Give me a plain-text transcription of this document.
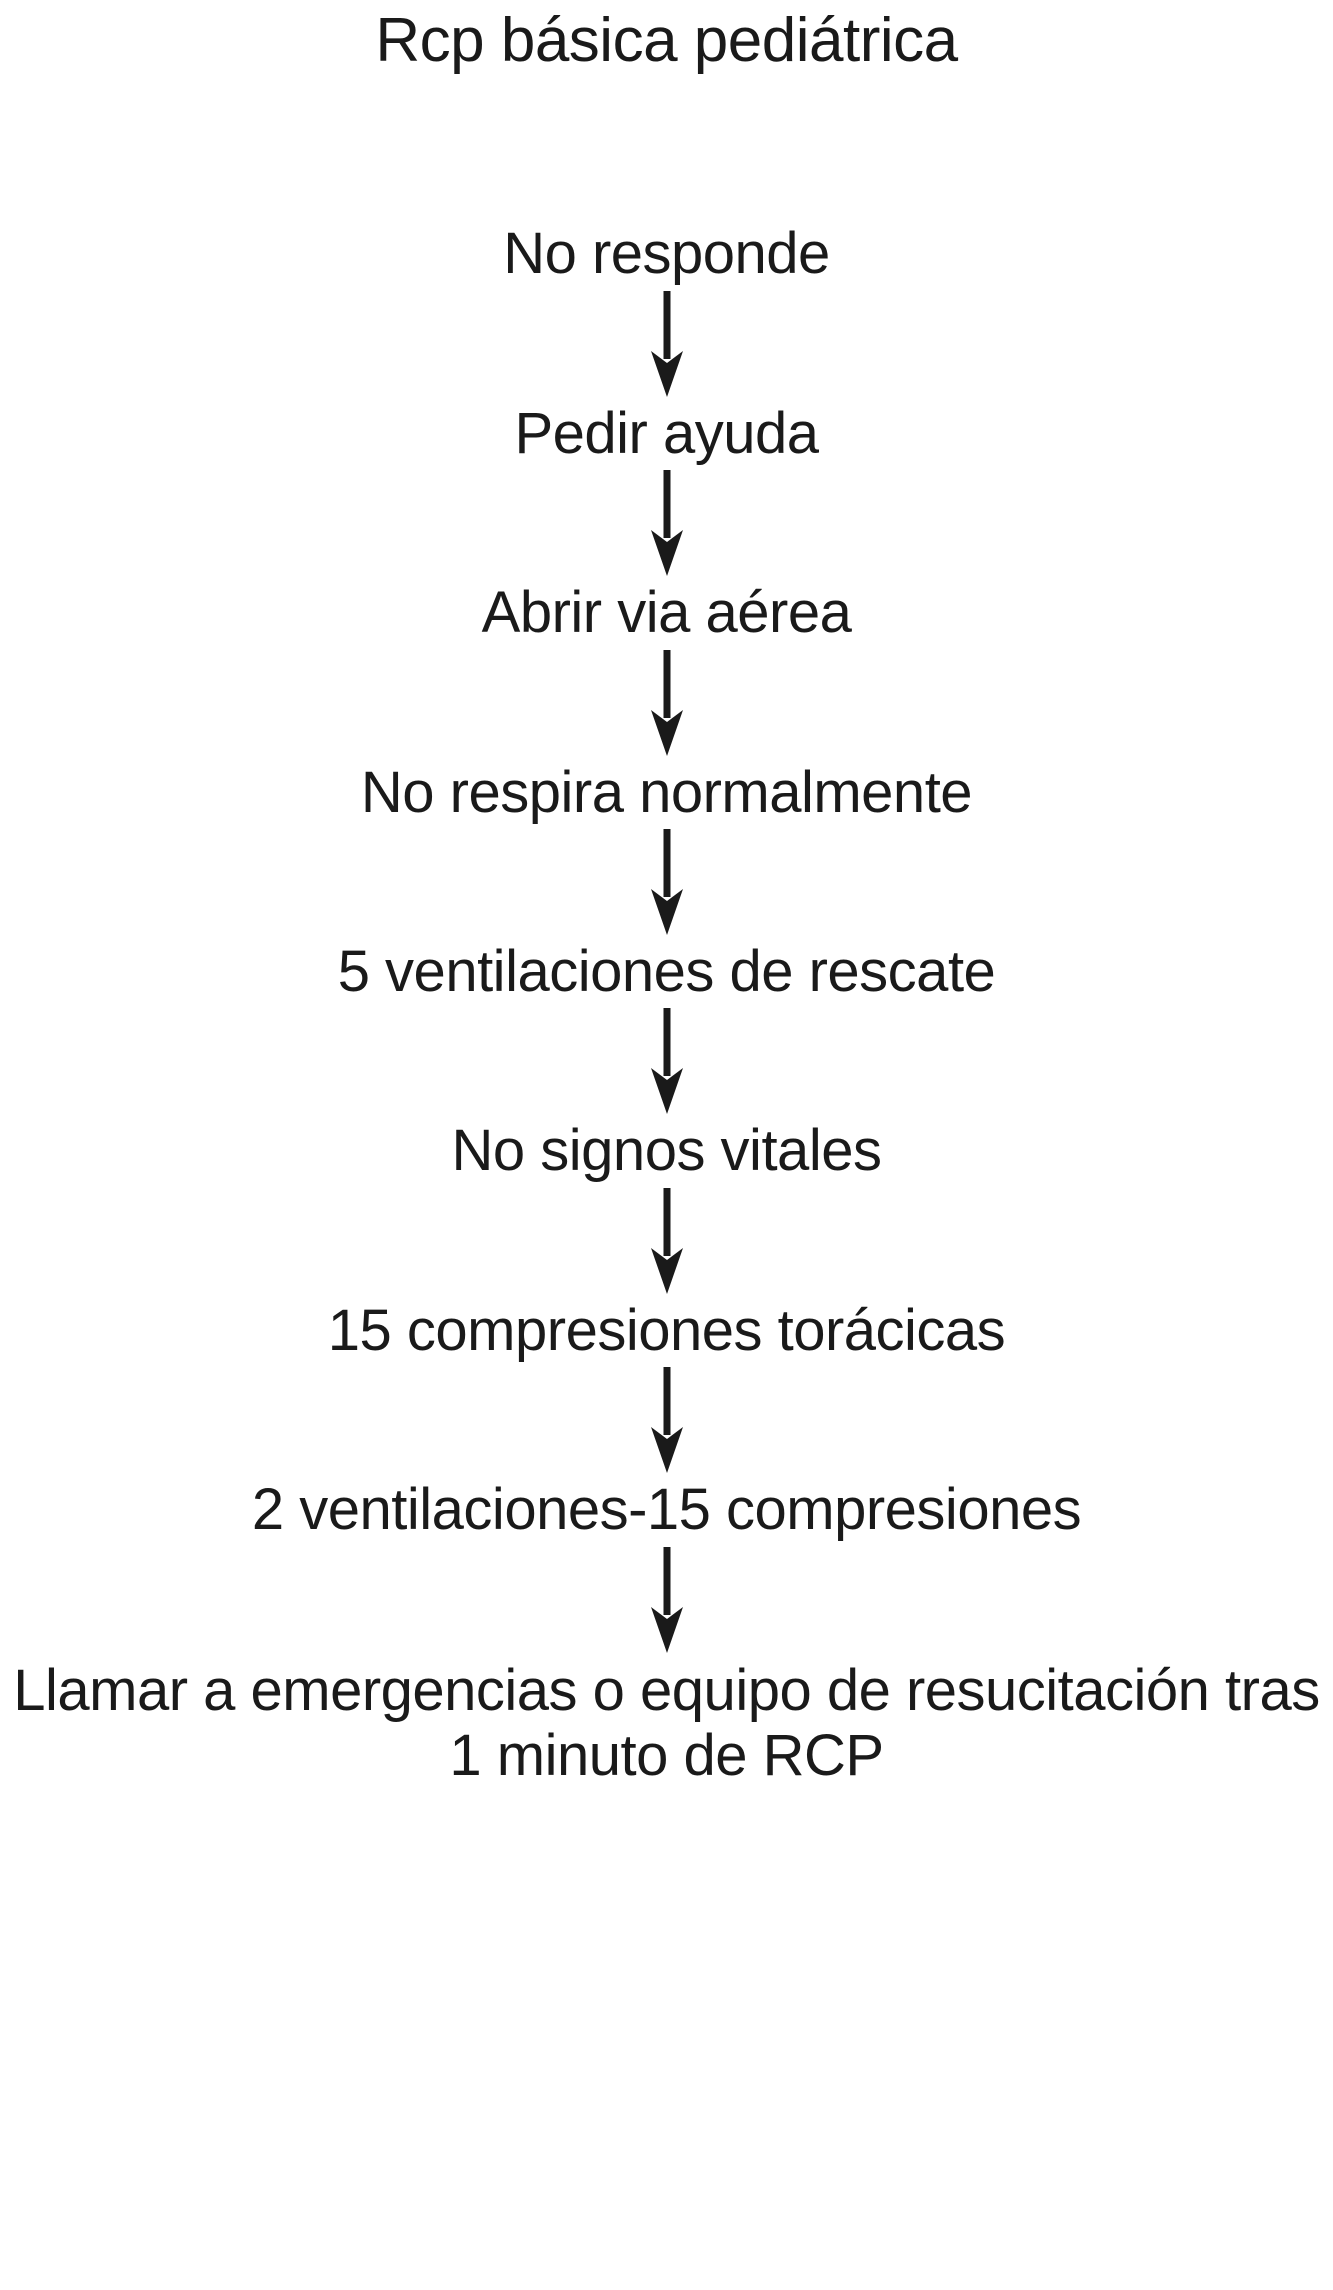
Rcp básica pediátrica
No responde
Pedir ayuda
Abrir via aérea
No respira normalmente
5 ventilaciones de rescate
No signos vitales
15 compresiones torácicas
2 ventilaciones-15 compresiones
Llamar a emergencias o equipo de resucitación tras 1 minuto de RCP
